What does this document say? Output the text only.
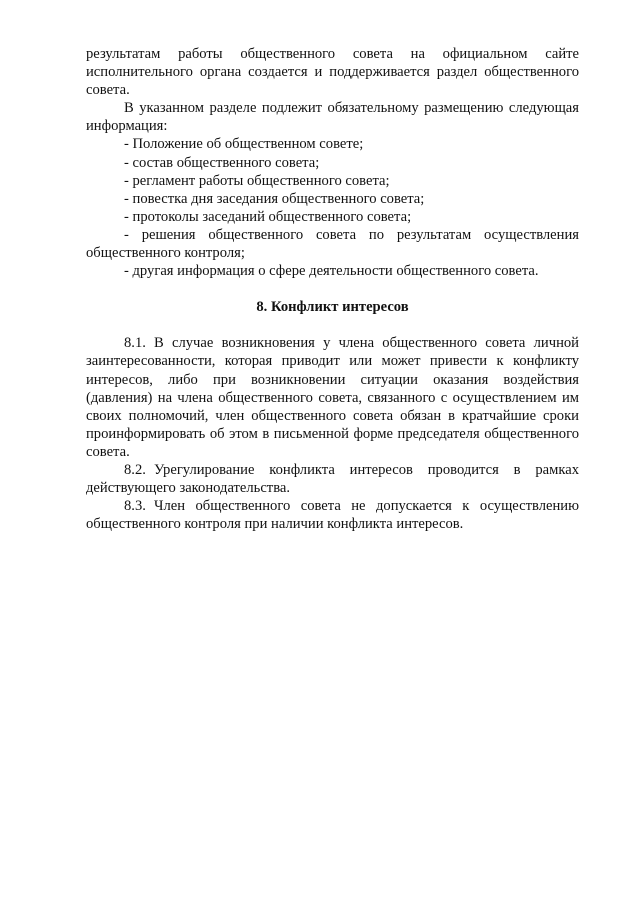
результатам работы общественного совета на официальном сайте исполнительного органа создается и поддерживается раздел общественного совета.

В указанном разделе подлежит обязательному размещению следующая информация:

- Положение об общественном совете;

- состав общественного совета;

- регламент работы общественного совета;

- повестка дня заседания общественного совета;

- протоколы заседаний общественного совета;

- решения общественного совета по результатам осуществления общественного контроля;

- другая информация о сфере деятельности общественного совета.

8. Конфликт интересов

8.1. В случае возникновения у члена общественного совета личной заинтересованности, которая приводит или может привести к конфликту интересов, либо при возникновении ситуации оказания воздействия (давления) на члена общественного совета, связанного с осуществлением им своих полномочий, член общественного совета обязан в кратчайшие сроки проинформировать об этом в письменной форме председателя общественного совета.

8.2. Урегулирование конфликта интересов проводится в рамках действующего законодательства.

8.3. Член общественного совета не допускается к осуществлению общественного контроля при наличии конфликта интересов.
